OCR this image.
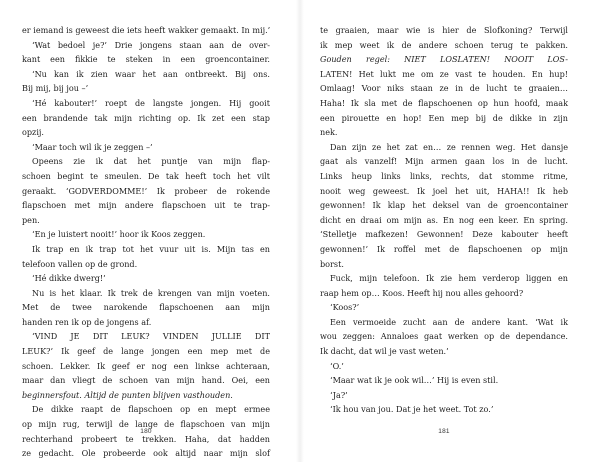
er iemand is geweest die iets heeft wakker gemaakt. In mij.’
‘Wat bedoel je?’ Drie jongens staan aan de over-
kant een fikkie te steken in een groencontainer.
‘Nu kan ik zien waar het aan ontbreekt. Bij ons.
Bij mij, bij jou –’
‘Hé kabouter!’ roept de langste jongen. Hij gooit
een brandende tak mijn richting op. Ik zet een stap
opzij.
‘Maar toch wil ik je zeggen –’
Opeens zie ik dat het puntje van mijn flap-
schoen begint te smeulen. De tak heeft toch het vilt
geraakt. ‘GODVERDOMME!’ Ik probeer de rokende
flapschoen met mijn andere flapschoen uit te trap-
pen.
‘En je luistert nooit!’ hoor ik Koos zeggen.
Ik trap en ik trap tot het vuur uit is. Mijn tas en
telefoon vallen op de grond.
‘Hé dikke dwerg!’
Nu is het klaar. Ik trek de krengen van mijn voeten.
Met de twee narokende flapschoenen aan mijn
handen ren ik op de jongens af.
‘VIND JE DIT LEUK? VINDEN JULLIE DIT
LEUK?’ Ik geef de lange jongen een mep met de
schoen. Lekker. Ik geef er nog een linkse achteraan,
maar dan vliegt de schoen van mijn hand. Oei, een
beginnersfout. Altijd de punten blijven vasthouden.
De dikke raapt de flapschoen op en mept ermee
op mijn rug, terwijl de lange de flapschoen van mijn
rechterhand probeert te trekken. Haha, dat hadden
ze gedacht. Ole probeerde ook altijd naar mijn slof
180
te graaien, maar wie is hier de Slofkoning? Terwijl
ik mep weet ik de andere schoen terug te pakken.
Gouden regel: NIET LOSLATEN! NOOIT LOS-
LATEN! Het lukt me om ze vast te houden. En hup!
Omlaag! Voor niks staan ze in de lucht te graaien…
Haha! Ik sla met de flapschoenen op hun hoofd, maak
een pirouette en hop! Een mep bij de dikke in zijn
nek.
Dan zijn ze het zat en… ze rennen weg. Het dansje
gaat als vanzelf! Mijn armen gaan los in de lucht.
Links heup links links, rechts, dat stomme ritme,
nooit weg geweest. Ik joel het uit, HAHA!! Ik heb
gewonnen! Ik klap het deksel van de groencontainer
dicht en draai om mijn as. En nog een keer. En spring.
‘Stelletje mafkezen! Gewonnen! Deze kabouter heeft
gewonnen!’ Ik roffel met de flapschoenen op mijn
borst.
Fuck, mijn telefoon. Ik zie hem verderop liggen en
raap hem op… Koos. Heeft hij nou alles gehoord?
‘Koos?’
Een vermoeide zucht aan de andere kant. ‘Wat ik
wou zeggen: Annaloes gaat werken op de dependance.
Ik dacht, dat wil je vast weten.’
‘O.’
‘Maar wat ik je ook wil…’ Hij is even stil.
‘Ja?’
‘Ik hou van jou. Dat je het weet. Tot zo.’
181
